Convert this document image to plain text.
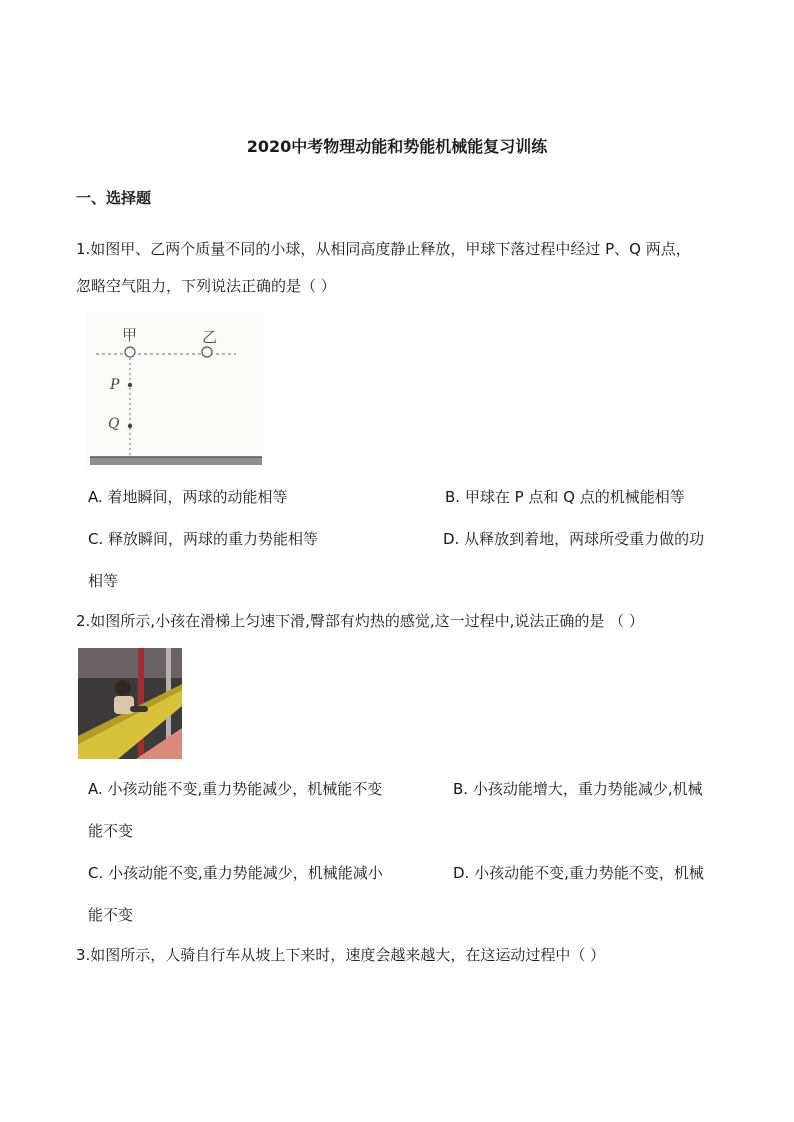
2020中考物理动能和势能机械能复习训练
一、选择题
1.如图甲、乙两个质量不同的小球，从相同高度静止释放，甲球下落过程中经过 P、Q 两点，
忽略空气阻力，下列说法正确的是（ ）
甲	乙
P
Q
A. 着地瞬间，两球的动能相等	B. 甲球在 P 点和 Q 点的机械能相等
C. 释放瞬间，两球的重力势能相等	D. 从释放到着地，两球所受重力做的功
相等
2.如图所示,小孩在滑梯上匀速下滑,臀部有灼热的感觉,这一过程中,说法正确的是 （ ）
A. 小孩动能不变,重力势能减少，机械能不变	B. 小孩动能增大，重力势能减少,机械
能不变
C. 小孩动能不变,重力势能减少，机械能减小	D. 小孩动能不变,重力势能不变，机械
能不变
3.如图所示，人骑自行车从坡上下来时，速度会越来越大，在这运动过程中（ ）
